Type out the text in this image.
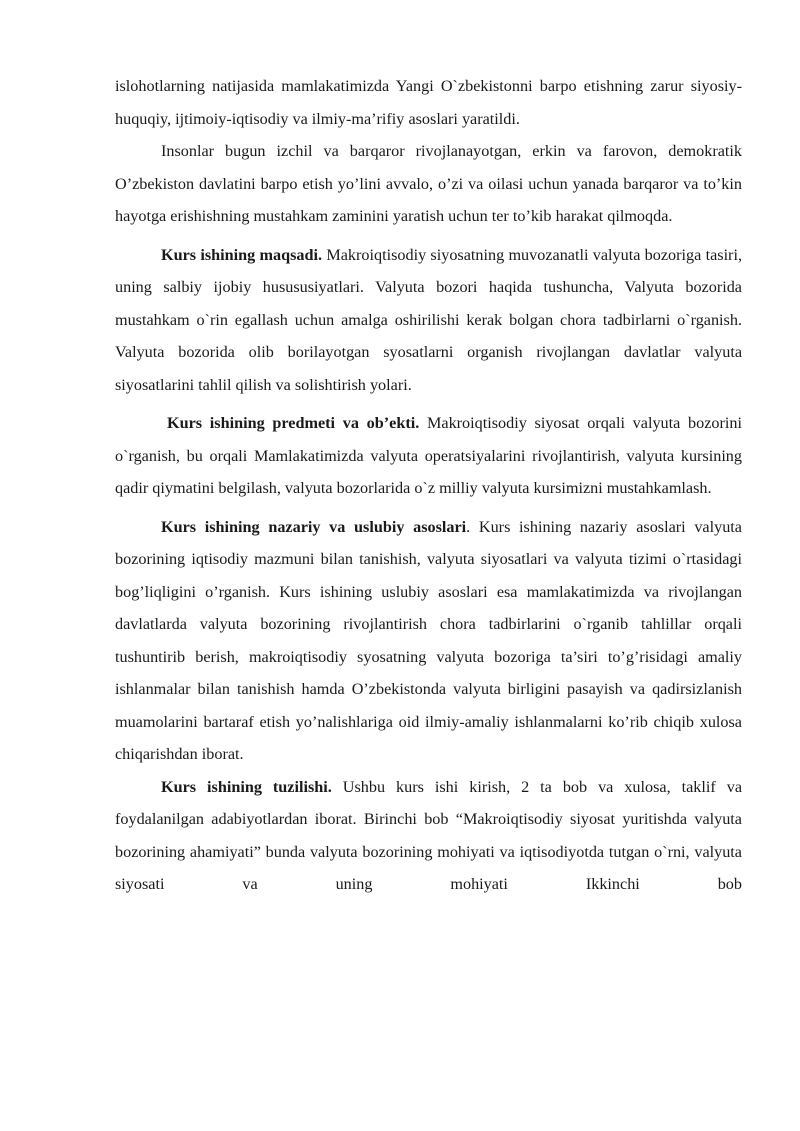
islohotlarning natijasida mamlakatimizda Yangi O`zbekistonni barpo etishning zarur siyosiy-huquqiy, ijtimoiy-iqtisodiy va ilmiy-ma’rifiy asoslari yaratildi.

Insonlar bugun izchil va barqaror rivojlanayotgan, erkin va farovon, demokratik O’zbekiston davlatini barpo etish yo’lini avvalo, o’zi va oilasi uchun yanada barqaror va to’kin hayotga erishishning mustahkam zaminini yaratish uchun ter to’kib harakat qilmoqda.

Kurs ishining maqsadi. Makroiqtisodiy siyosatning muvozanatli valyuta bozoriga tasiri, uning salbiy ijobiy husususiyatlari. Valyuta bozori haqida tushuncha, Valyuta bozorida mustahkam o`rin egallash uchun amalga oshirilishi kerak bolgan chora tadbirlarni o`rganish. Valyuta bozorida olib borilayotgan syosatlarni organish rivojlangan davlatlar valyuta siyosatlarini tahlil qilish va solishtirish yolari.

Kurs ishining predmeti va ob’ekti. Makroiqtisodiy siyosat orqali valyuta bozorini o`rganish, bu orqali Mamlakatimizda valyuta operatsiyalarini rivojlantirish, valyuta kursining qadir qiymatini belgilash, valyuta bozorlarida o`z milliy valyuta kursimizni mustahkamlash.

Kurs ishining nazariy va uslubiy asoslari. Kurs ishining nazariy asoslari valyuta bozorining iqtisodiy mazmuni bilan tanishish, valyuta siyosatlari va valyuta tizimi o`rtasidagi bog’liqligini o’rganish. Kurs ishining uslubiy asoslari esa mamlakatimizda va rivojlangan davlatlarda valyuta bozorining rivojlantirish chora tadbirlarini o`rganib tahlillar orqali tushuntirib berish, makroiqtisodiy syosatning valyuta bozoriga ta’siri to’g’risidagi amaliy ishlanmalar bilan tanishish hamda O’zbekistonda valyuta birligini pasayish va qadirsizlanish muamolarini bartaraf etish yo’nalishlariga oid ilmiy-amaliy ishlanmalarni ko’rib chiqib xulosa chiqarishdan iborat.

Kurs ishining tuzilishi. Ushbu kurs ishi kirish, 2 ta bob va xulosa, taklif va foydalanilgan adabiyotlardan iborat. Birinchi bob “Makroiqtisodiy siyosat yuritishda valyuta bozorining ahamiyati” bunda valyuta bozorining mohiyati va iqtisodiyotda tutgan o`rni, valyuta siyosati va uning mohiyati Ikkinchi bob
